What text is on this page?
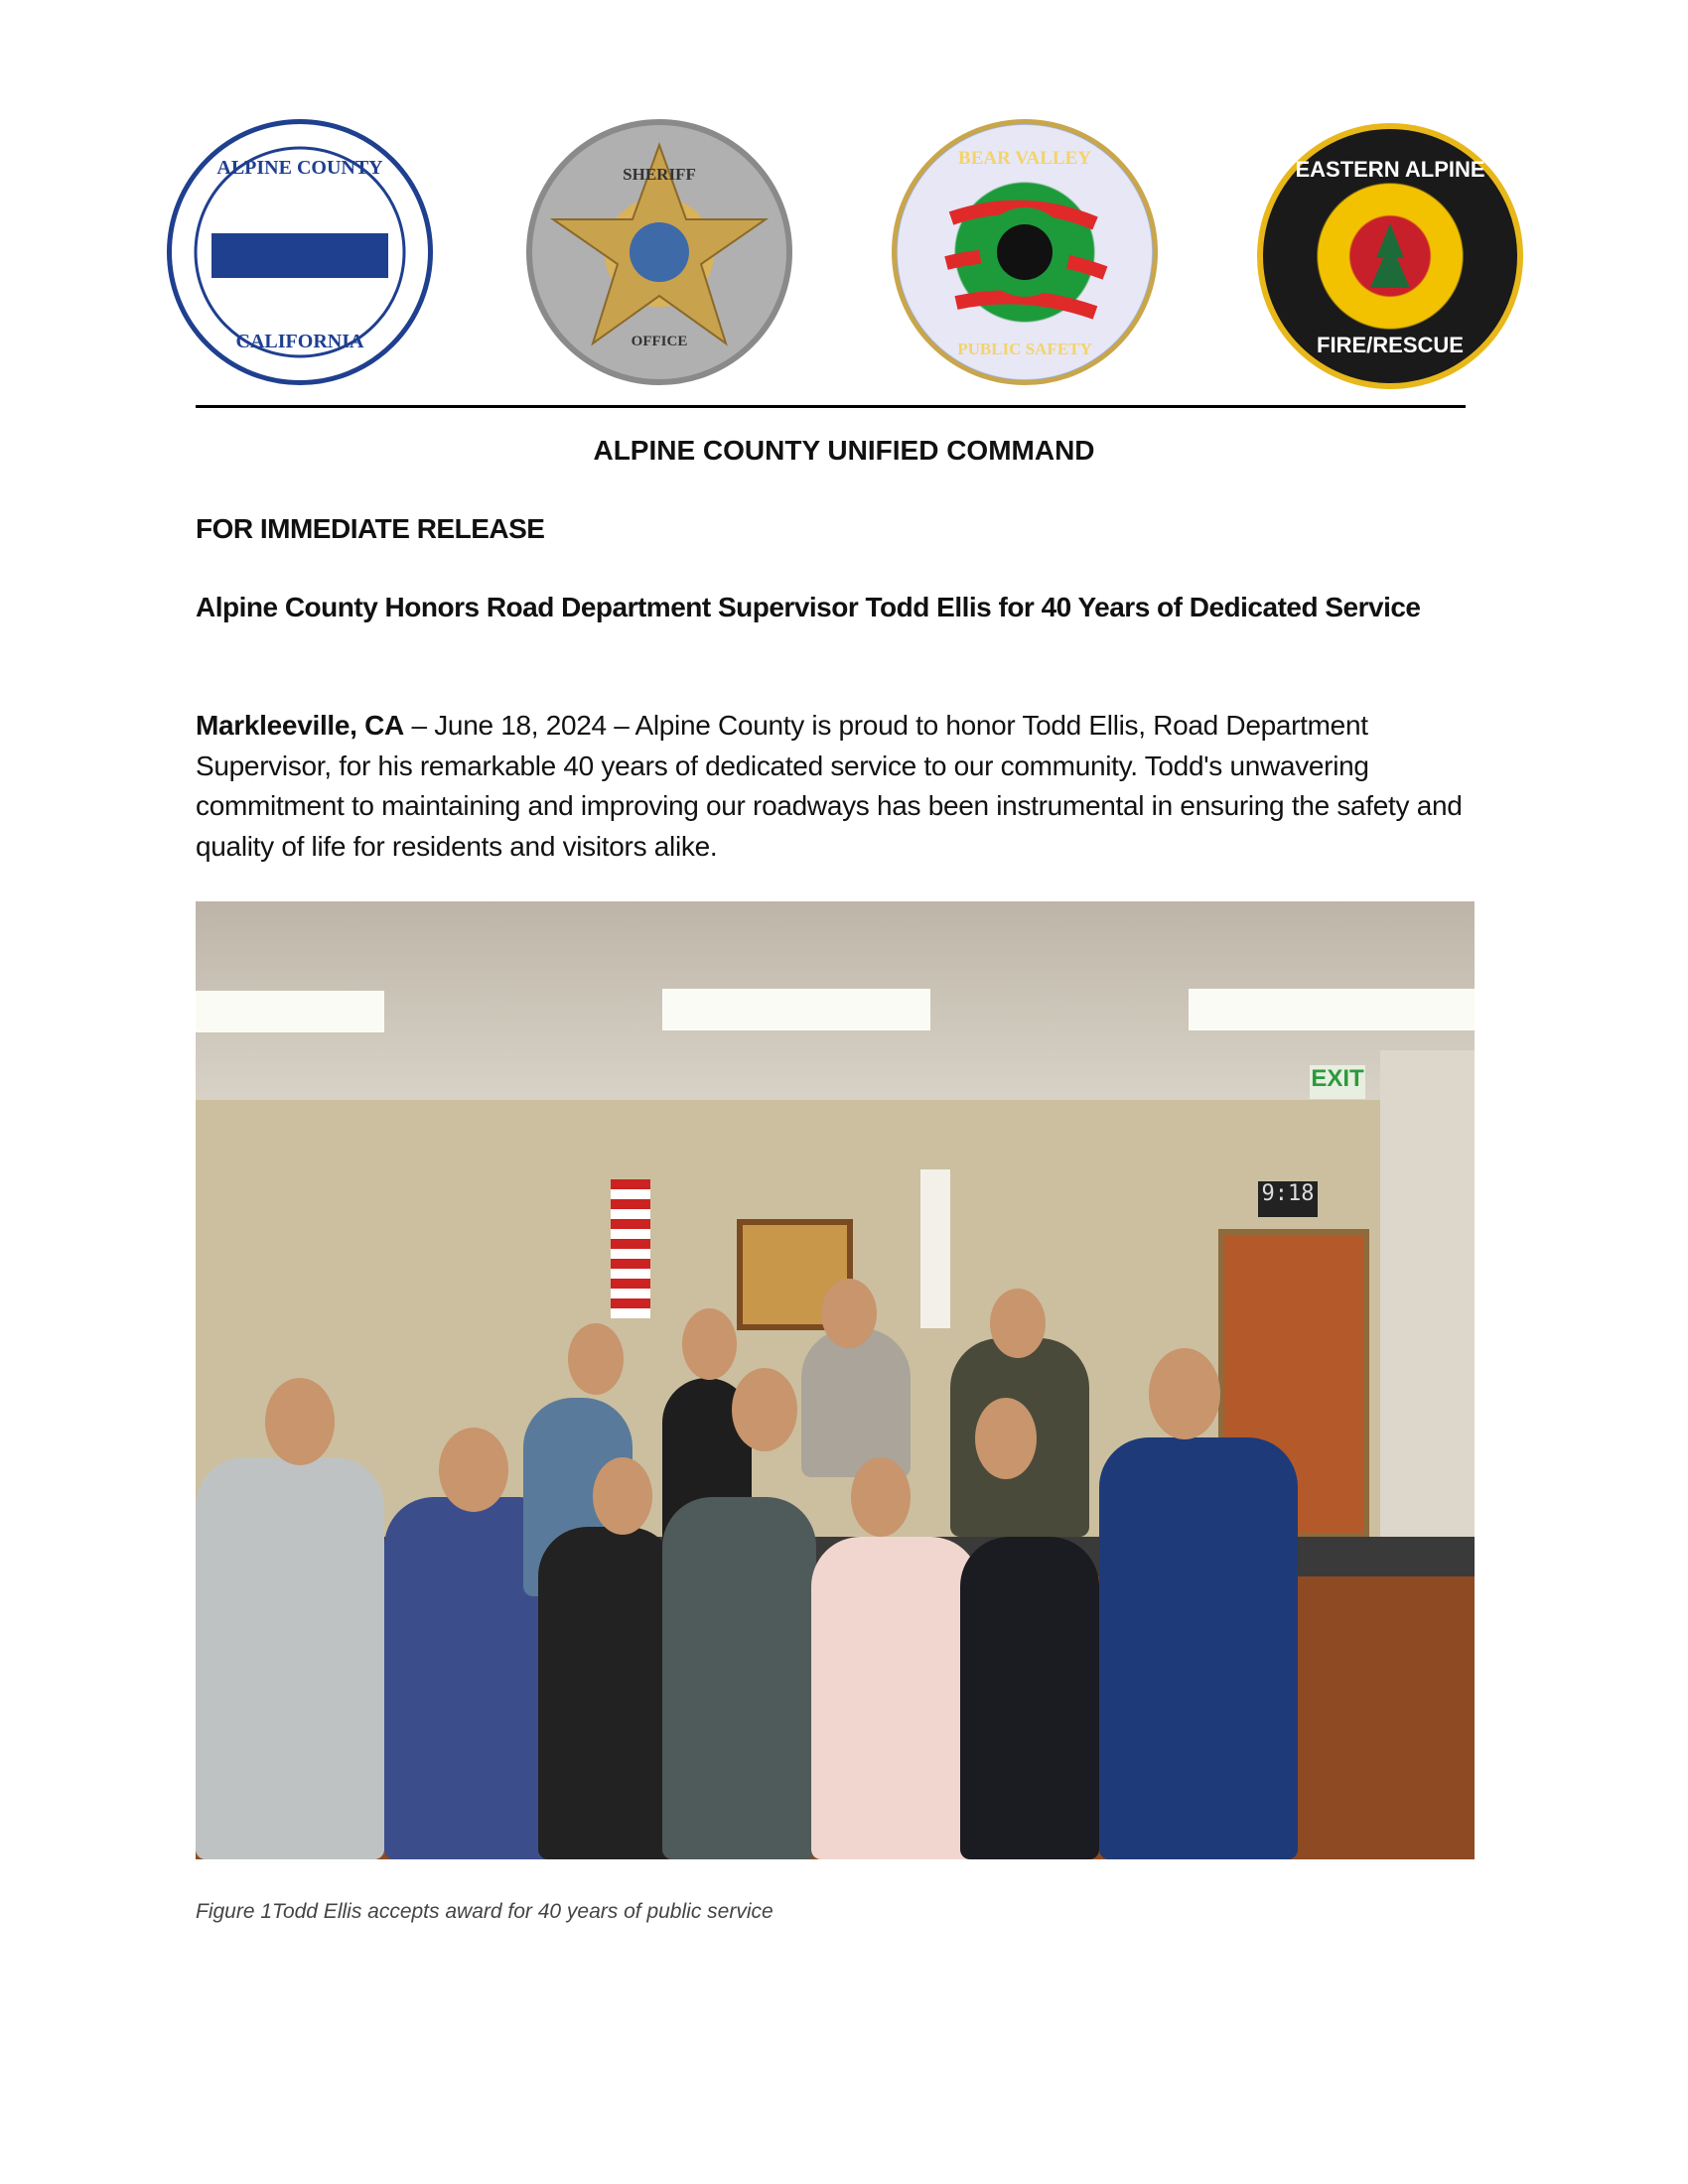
ALPINE COUNTY
CALIFORNIA
SHERIFF
OFFICE
BEAR VALLEY
PUBLIC SAFETY
EASTERN ALPINE
FIRE/RESCUE
ALPINE COUNTY UNIFIED COMMAND
FOR IMMEDIATE RELEASE
Alpine County Honors Road Department Supervisor Todd Ellis for 40 Years of Dedicated Service
Markleeville, CA – June 18, 2024 – Alpine County is proud to honor Todd Ellis, Road Department Supervisor, for his remarkable 40 years of dedicated service to our community. Todd's unwavering commitment to maintaining and improving our roadways has been instrumental in ensuring the safety and quality of life for residents and visitors alike.
EXIT
9:18
Figure 1Todd Ellis accepts award for 40 years of public service
